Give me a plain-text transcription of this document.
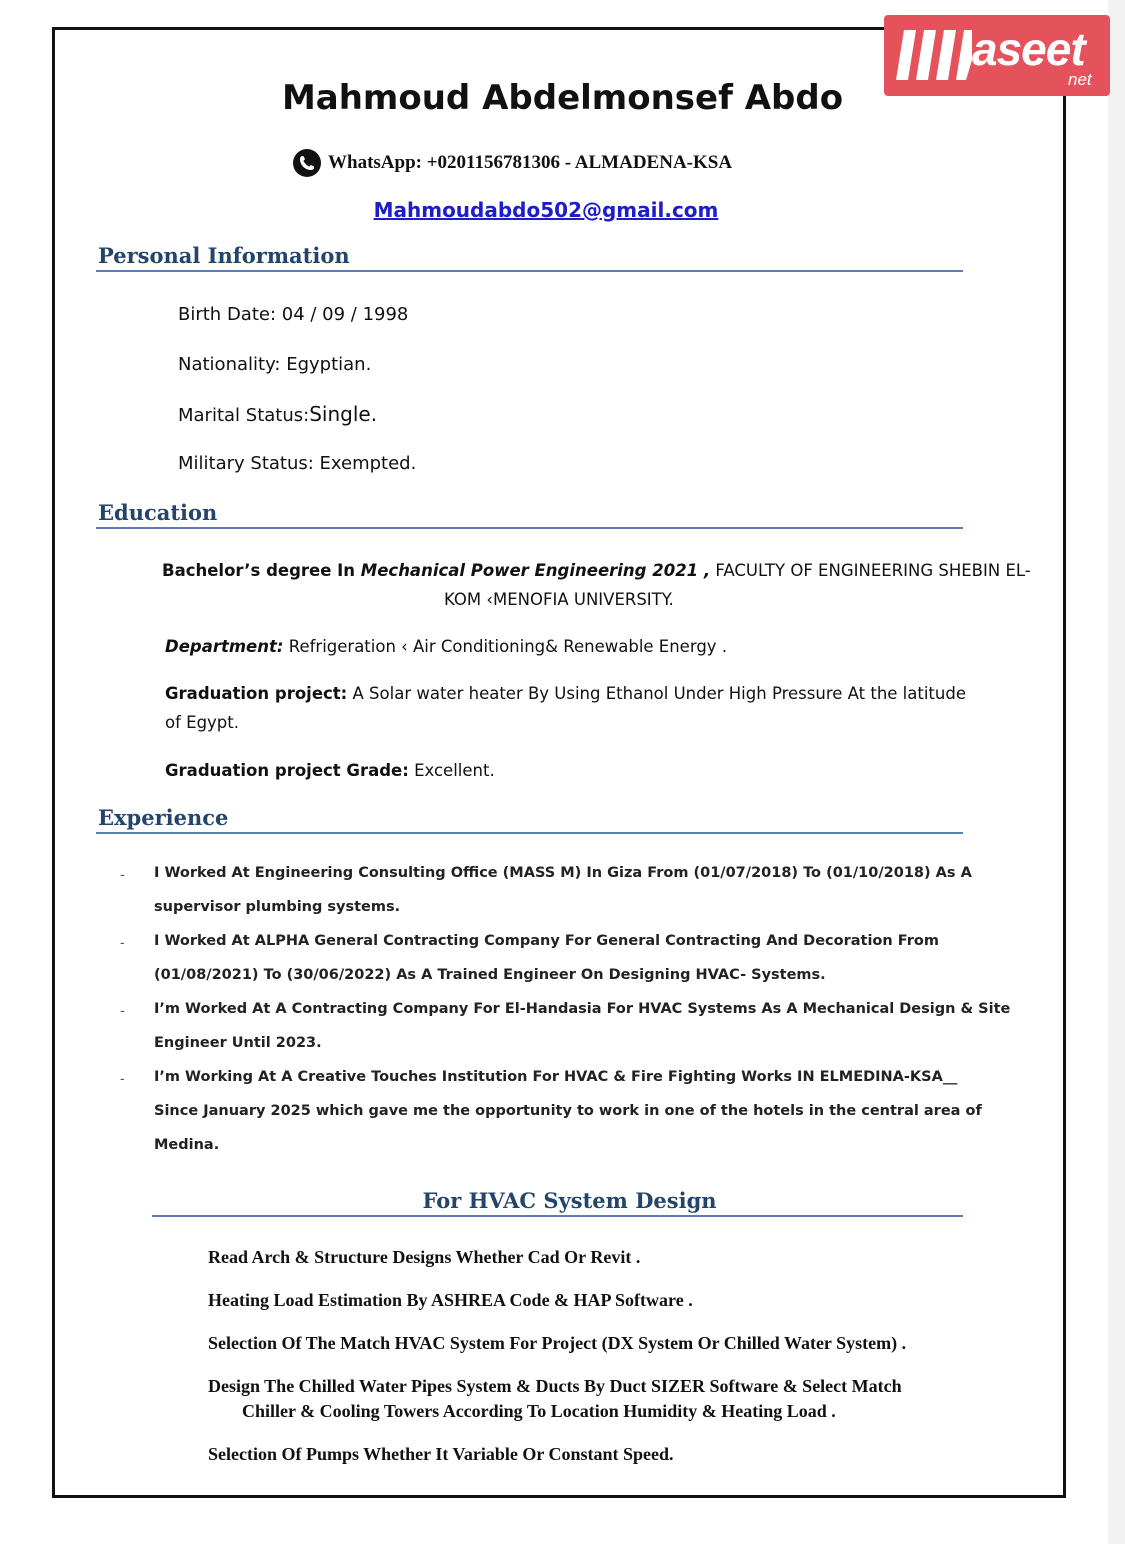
aseet
net
Mahmoud Abdelmonsef Abdo
WhatsApp: +0201156781306 - ALMADENA-KSA
Mahmoudabdo502@gmail.com
Personal Information
Birth Date: 04 / 09 / 1998
Nationality: Egyptian.
Marital Status:Single.
Military Status: Exempted.
Education
Bachelor’s degree In Mechanical Power Engineering 2021 , FACULTY OF ENGINEERING SHEBIN EL-
KOM ‹MENOFIA UNIVERSITY.
Department: Refrigeration ‹ Air Conditioning& Renewable Energy .
Graduation project: A Solar water heater By Using Ethanol Under High Pressure At the latitude
of Egypt.
Graduation project Grade: Excellent.
Experience
-
-
-
-
I Worked At Engineering Consulting Office (MASS M) In Giza From (01/07/2018) To (01/10/2018) As A
supervisor plumbing systems.
I Worked At ALPHA General Contracting Company For General Contracting And Decoration From
(01/08/2021) To (30/06/2022) As A Trained Engineer On Designing HVAC- Systems.
I’m Worked At A Contracting Company For El-Handasia For HVAC Systems As A Mechanical Design & Site
Engineer Until 2023.
I’m Working At A Creative Touches Institution For HVAC & Fire Fighting Works IN ELMEDINA-KSA__
Since January 2025 which gave me the opportunity to work in one of the hotels in the central area of
Medina.
For HVAC System Design
Read Arch & Structure Designs Whether Cad Or Revit .
Heating Load Estimation By ASHREA Code & HAP Software .
Selection Of The Match HVAC System For Project (DX System Or Chilled Water System) .
Design The Chilled Water Pipes System & Ducts By Duct SIZER Software & Select Match
Chiller & Cooling Towers According To Location Humidity & Heating Load .
Selection Of Pumps Whether It Variable Or Constant Speed.
